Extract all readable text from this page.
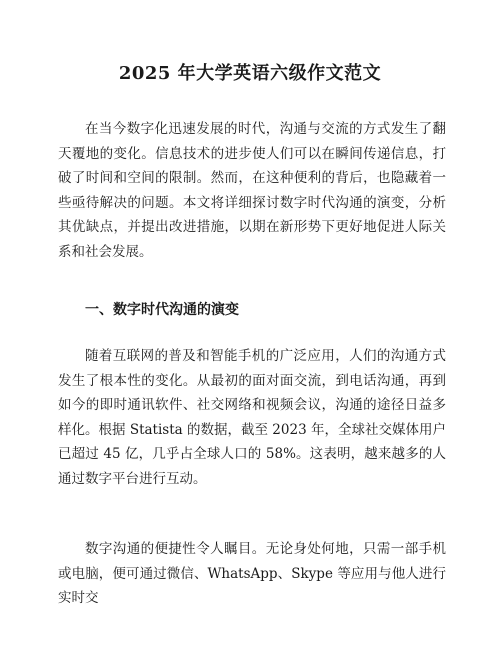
2025 年大学英语六级作文范文

在当今数字化迅速发展的时代，沟通与交流的方式发生了翻天覆地的变化。信息技术的进步使人们可以在瞬间传递信息，打破了时间和空间的限制。然而，在这种便利的背后，也隐藏着一些亟待解决的问题。本文将详细探讨数字时代沟通的演变，分析其优缺点，并提出改进措施，以期在新形势下更好地促进人际关系和社会发展。

一、数字时代沟通的演变

随着互联网的普及和智能手机的广泛应用，人们的沟通方式发生了根本性的变化。从最初的面对面交流，到电话沟通，再到如今的即时通讯软件、社交网络和视频会议，沟通的途径日益多样化。根据 Statista 的数据，截至 2023 年，全球社交媒体用户已超过 45 亿，几乎占全球人口的 58%。这表明，越来越多的人通过数字平台进行互动。

数字沟通的便捷性令人瞩目。无论身处何地，只需一部手机或电脑，便可通过微信、WhatsApp、Skype 等应用与他人进行实时交
